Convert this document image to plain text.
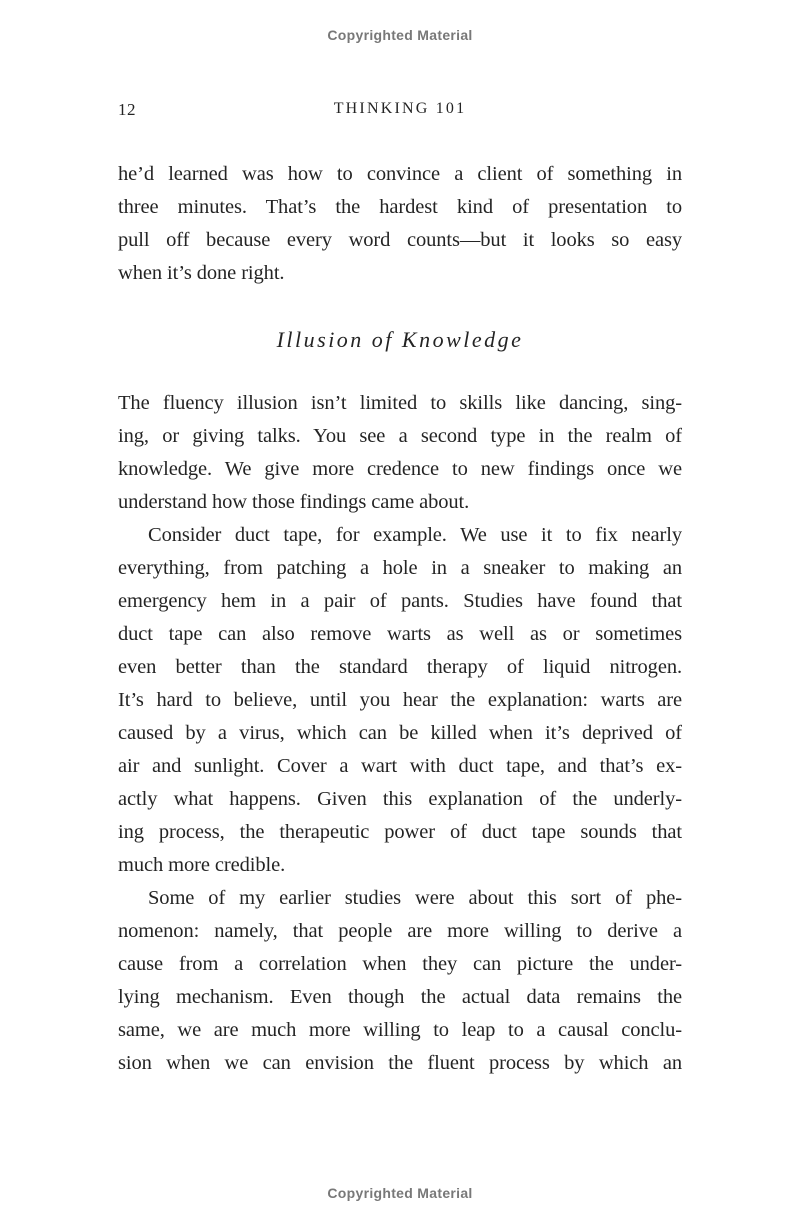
Copyrighted Material
12	THINKING 101

he’d learned was how to convince a client of something in
three minutes. That’s the hardest kind of presentation to
pull off because every word counts—but it looks so easy
when it’s done right.

Illusion of Knowledge

The fluency illusion isn’t limited to skills like dancing, sing-
ing, or giving talks. You see a second type in the realm of
knowledge. We give more credence to new findings once we
understand how those findings came about.

Consider duct tape, for example. We use it to fix nearly
everything, from patching a hole in a sneaker to making an
emergency hem in a pair of pants. Studies have found that
duct tape can also remove warts as well as or sometimes
even better than the standard therapy of liquid nitrogen.
It’s hard to believe, until you hear the explanation: warts are
caused by a virus, which can be killed when it’s deprived of
air and sunlight. Cover a wart with duct tape, and that’s ex-
actly what happens. Given this explanation of the underly-
ing process, the therapeutic power of duct tape sounds that
much more credible.

Some of my earlier studies were about this sort of phe-
nomenon: namely, that people are more willing to derive a
cause from a correlation when they can picture the under-
lying mechanism. Even though the actual data remains the
same, we are much more willing to leap to a causal conclu-
sion when we can envision the fluent process by which an

Copyrighted Material
